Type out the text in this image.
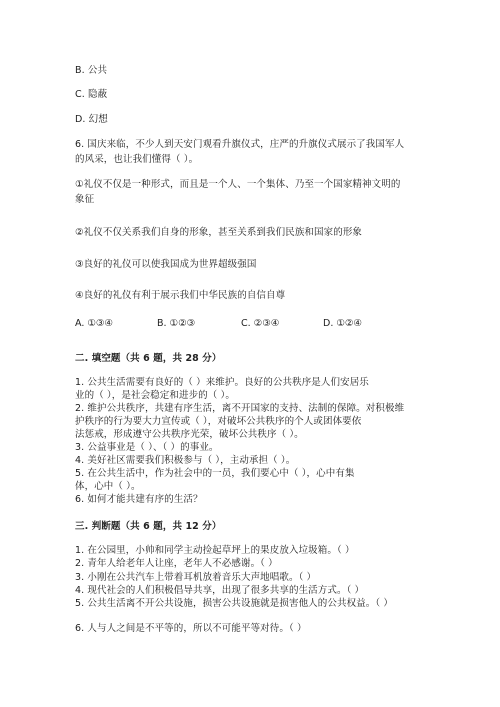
B. 公共
C. 隐蔽
D. 幻想
6. 国庆来临，不少人到天安门观看升旗仪式，庄严的升旗仪式展示了我国军人
的风采，也让我们懂得（ ）。
①礼仪不仅是一种形式，而且是一个人、一个集体、乃至一个国家精神文明的
象征
②礼仪不仅关系我们自身的形象，甚至关系到我们民族和国家的形象
③良好的礼仪可以使我国成为世界超级强国
④良好的礼仪有利于展示我们中华民族的自信自尊
A. ①③④	B. ①②③	C. ②③④	D. ①②④
二. 填空题（共 6 题，共 28 分）
1. 公共生活需要有良好的（ ）来维护。良好的公共秩序是人们安居乐
业的（ ），是社会稳定和进步的（ ）。
2. 维护公共秩序，共建有序生活，离不开国家的支持、法制的保障。对积极维
护秩序的行为要大力宣传或（ ），对破坏公共秩序的个人或团体要依
法惩戒，形成遵守公共秩序光荣，破坏公共秩序（ ）。
3. 公益事业是（ ）、（ ）的事业。
4. 美好社区需要我们积极参与（ ），主动承担（ ）。
5. 在公共生活中，作为社会中的一员，我们要心中（ ），心中有集
体，心中（ ）。
6. 如何才能共建有序的生活？
三. 判断题（共 6 题，共 12 分）
1. 在公园里，小帅和同学主动捡起草坪上的果皮放入垃圾箱。（ ）
2. 青年人给老年人让座，老年人不必感谢。（ ）
3. 小刚在公共汽车上带着耳机放着音乐大声地唱歌。（ ）
4. 现代社会的人们积极倡导共享，出现了很多共享的生活方式。（ ）
5. 公共生活离不开公共设施，损害公共设施就是损害他人的公共权益。（ ）
6. 人与人之间是不平等的，所以不可能平等对待。（ ）
